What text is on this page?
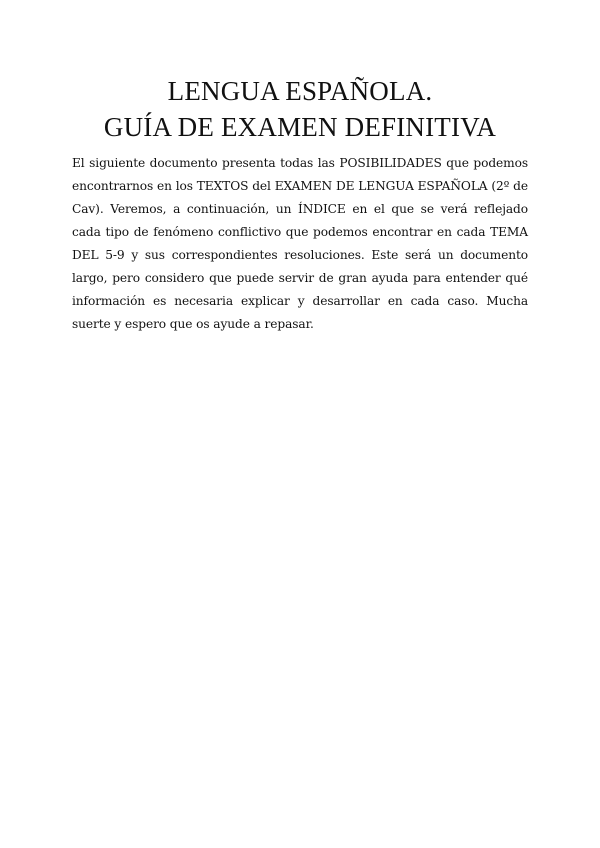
LENGUA ESPAÑOLA.
GUÍA DE EXAMEN DEFINITIVA

El siguiente documento presenta todas las POSIBILIDADES que podemos encontrarnos en los TEXTOS del EXAMEN DE LENGUA ESPAÑOLA (2º de Cav). Veremos, a continuación, un ÍNDICE en el que se verá reflejado cada tipo de fenómeno conflictivo que podemos encontrar en cada TEMA DEL 5-9 y sus correspondientes resoluciones. Este será un documento largo, pero considero que puede servir de gran ayuda para entender qué información es necesaria explicar y desarrollar en cada caso. Mucha suerte y espero que os ayude a repasar.
